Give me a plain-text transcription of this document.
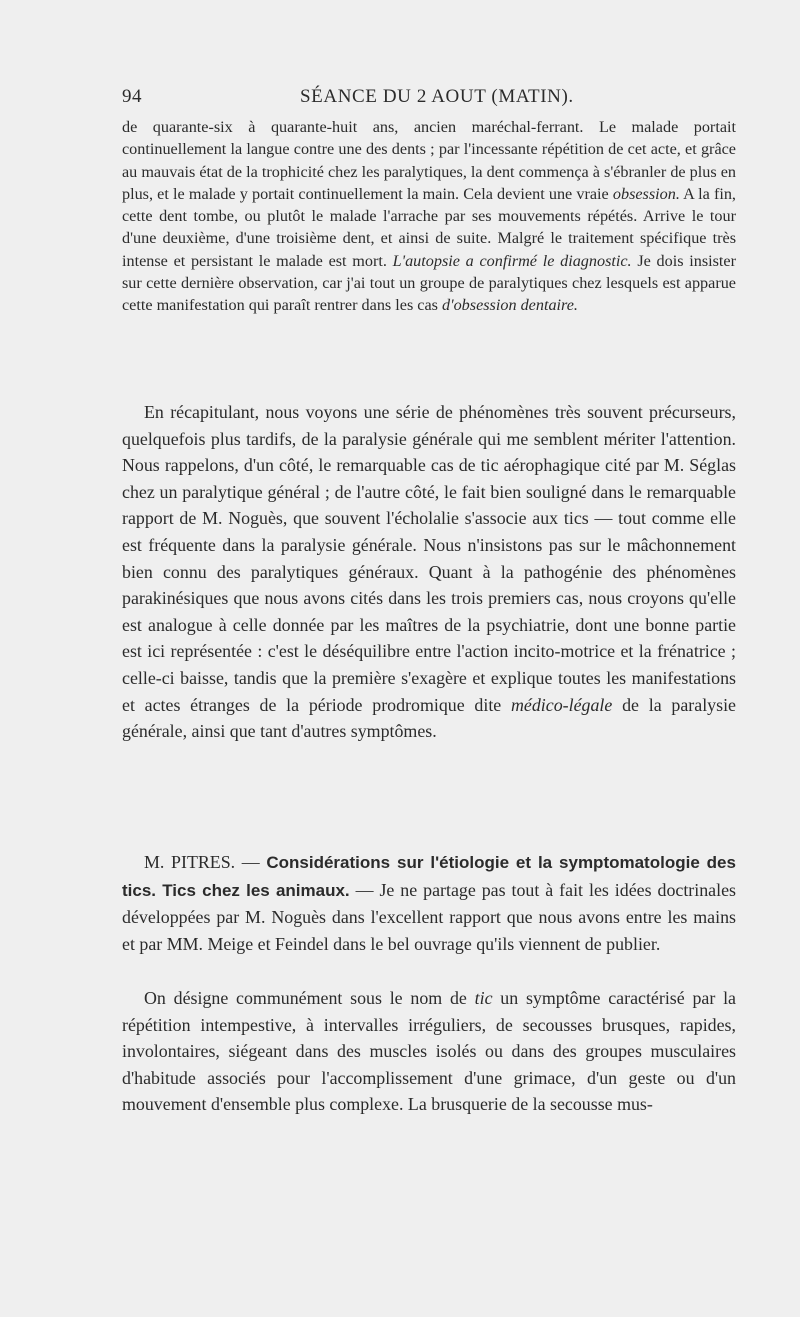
94	SÉANCE DU 2 AOUT (MATIN).

de quarante-six à quarante-huit ans, ancien maréchal-ferrant. Le malade portait continuellement la langue contre une des dents ; par l'incessante répétition de cet acte, et grâce au mauvais état de la trophicité chez les paralytiques, la dent commença à s'ébranler de plus en plus, et le malade y portait continuellement la main. Cela devient une vraie obsession. A la fin, cette dent tombe, ou plutôt le malade l'arrache par ses mouvements répétés. Arrive le tour d'une deuxième, d'une troisième dent, et ainsi de suite. Malgré le traitement spécifique très intense et persistant le malade est mort. L'autopsie a confirmé le diagnostic. Je dois insister sur cette dernière observation, car j'ai tout un groupe de paralytiques chez lesquels est apparue cette manifestation qui paraît rentrer dans les cas d'obsession dentaire.

En récapitulant, nous voyons une série de phénomènes très souvent précurseurs, quelquefois plus tardifs, de la paralysie générale qui me semblent mériter l'attention. Nous rappelons, d'un côté, le remarquable cas de tic aérophagique cité par M. Séglas chez un paralytique général ; de l'autre côté, le fait bien souligné dans le remarquable rapport de M. Noguès, que souvent l'écholalie s'associe aux tics — tout comme elle est fréquente dans la paralysie générale. Nous n'insistons pas sur le mâchonnement bien connu des paralytiques généraux. Quant à la pathogénie des phénomènes parakinésiques que nous avons cités dans les trois premiers cas, nous croyons qu'elle est analogue à celle donnée par les maîtres de la psychiatrie, dont une bonne partie est ici représentée : c'est le déséquilibre entre l'action incito-motrice et la frénatrice ; celle-ci baisse, tandis que la première s'exagère et explique toutes les manifestations et actes étranges de la période prodromique dite médico-légale de la paralysie générale, ainsi que tant d'autres symptômes.

M. PITRES. — Considérations sur l'étiologie et la symptomatologie des tics. Tics chez les animaux. — Je ne partage pas tout à fait les idées doctrinales développées par M. Noguès dans l'excellent rapport que nous avons entre les mains et par MM. Meige et Feindel dans le bel ouvrage qu'ils viennent de publier.

On désigne communément sous le nom de tic un symptôme caractérisé par la répétition intempestive, à intervalles irréguliers, de secousses brusques, rapides, involontaires, siégeant dans des muscles isolés ou dans des groupes musculaires d'habitude associés pour l'accomplissement d'une grimace, d'un geste ou d'un mouvement d'ensemble plus complexe. La brusquerie de la secousse mus-
